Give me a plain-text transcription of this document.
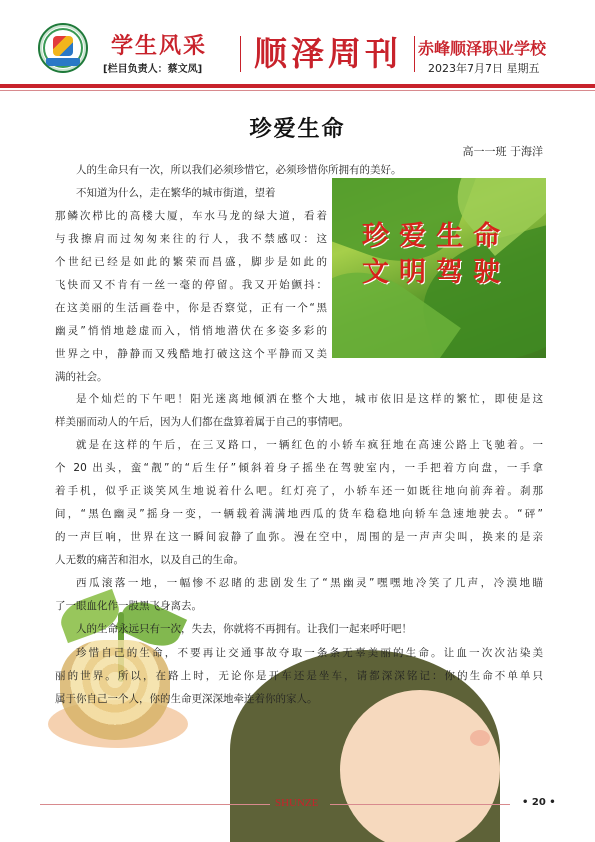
学生风采
[栏目负责人：蔡文凤] 顺泽周刊 赤峰顺泽职业学校
2023年7月7日 星期五
珍爱生命
高一一班 于海洋
人的生命只有一次，所以我们必须珍惜它，必须珍惜你所拥有的美好。
不知道为什么，走在繁华的城市街道，望着
那鳞次栉比的高楼大厦，车水马龙的绿大道，看着
与我擦肩而过匆匆来往的行人，我不禁感叹：这
个世纪已经是如此的繁荣而昌盛，脚步是如此的
飞快而又不肯有一丝一毫的停留。我又开始颤抖：
在这美丽的生活画卷中，你是否察觉，正有一个“黑
幽灵”悄悄地趁虚而入，悄悄地潜伏在多姿多彩的
世界之中，静静而又残酷地打破这这个平静而又美
满的社会。
珍爱生命
文明驾驶
是个灿烂的下午吧！阳光迷离地倾洒在整个大地，城市依旧是这样的繁忙，即使是这
样美丽而动人的午后，因为人们都在盘算着属于自己的事情吧。
就是在这样的午后，在三叉路口，一辆红色的小轿车疯狂地在高速公路上飞驰着。一
个 20 出头，蛮“靓”的“后生仔”倾斜着身子摇坐在驾驶室内，一手把着方向盘，一手拿
着手机，似乎正谈笑风生地说着什么吧。红灯亮了，小轿车还一如既往地向前奔着。刹那
间，“黑色幽灵”摇身一变，一辆载着满满地西瓜的货车稳稳地向轿车急速地驶去。“砰”
的一声巨响，世界在这一瞬间寂静了血弥。漫在空中，周围的是一声声尖叫，换来的是亲
人无数的痛苦和泪水，以及自己的生命。
西瓜滚落一地，一幅惨不忍睹的悲剧发生了“黑幽灵”嘿嘿地冷笑了几声，冷漠地瞄
了一眼血化作一股黑飞身离去。
人的生命永远只有一次，失去，你就将不再拥有。让我们一起来呼吁吧！
珍惜自己的生命，不要再让交通事故夺取一条条无辜美丽的生命。让血一次次沾染美
丽的世界。所以，在路上时，无论你是开车还是坐车，请都深深铭记：你的生命不单单只
属于你自己一个人，你的生命更深深地牵连着你的家人。
SHUNZE	• 20 •
